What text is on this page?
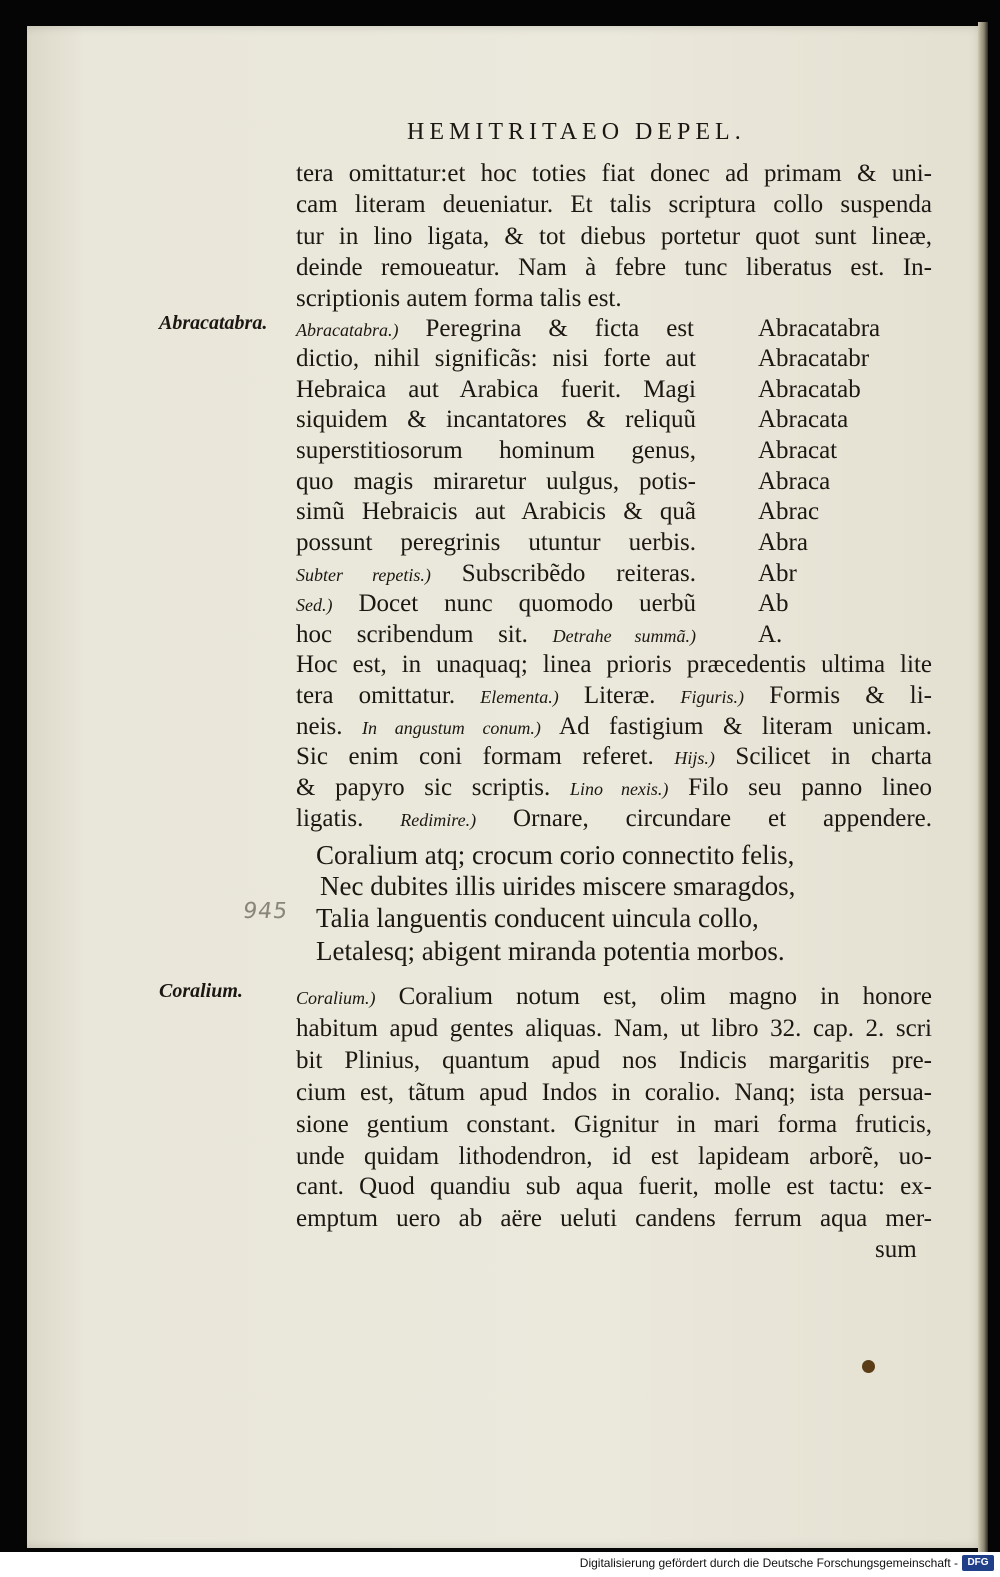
HEMITRITAEO DEPEL.
tera omittatur:et hoc toties fiat donec ad primam & uni-
cam literam deueniatur. Et talis scriptura collo suspenda
tur in lino ligata, & tot diebus portetur quot sunt lineæ,
deinde remoueatur. Nam à febre tunc liberatus est. In-
scriptionis autem forma talis est.
Abracatabra.
Coralium.
Abracatabra.) Peregrina & ficta est
dictio, nihil significãs: nisi forte aut
Hebraica aut Arabica fuerit. Magi
siquidem & incantatores & reliquũ
superstitiosorum hominum genus,
quo magis miraretur uulgus, potis-
simũ Hebraicis aut Arabicis & quã
possunt peregrinis utuntur uerbis.
Subter repetis.) Subscribẽdo reiteras.
Sed.) Docet nunc quomodo uerbũ
hoc scribendum sit. Detrahe summã.)
Abracatabra
Abracatabr
Abracatab
Abracata
Abracat
Abraca
Abrac
Abra
Abr
Ab
A.
Hoc est, in unaquaq; linea prioris præcedentis ultima lite
tera omittatur. Elementa.) Literæ. Figuris.) Formis & li-
neis. In angustum conum.) Ad fastigium & literam unicam.
Sic enim coni formam referet. Hijs.) Scilicet in charta
& papyro sic scriptis. Lino nexis.) Filo seu panno lineo
ligatis. Redimire.) Ornare, circundare et appendere.
Coralium atq; crocum corio connectito felis,
Nec dubites illis uirides miscere smaragdos,
Talia languentis conducent uincula collo,
Letalesq; abigent miranda potentia morbos.
945
Coralium.) Coralium notum est, olim magno in honore
habitum apud gentes aliquas. Nam, ut libro 32. cap. 2. scri
bit Plinius, quantum apud nos Indicis margaritis pre-
cium est, tãtum apud Indos in coralio. Nanq; ista persua-
sione gentium constant. Gignitur in mari forma fruticis,
unde quidam lithodendron, id est lapideam arborẽ, uo-
cant. Quod quandiu sub aqua fuerit, molle est tactu: ex-
emptum uero ab aëre ueluti candens ferrum aqua mer-
sum
Digitalisierung gefördert durch die Deutsche Forschungsgemeinschaft - DFG
